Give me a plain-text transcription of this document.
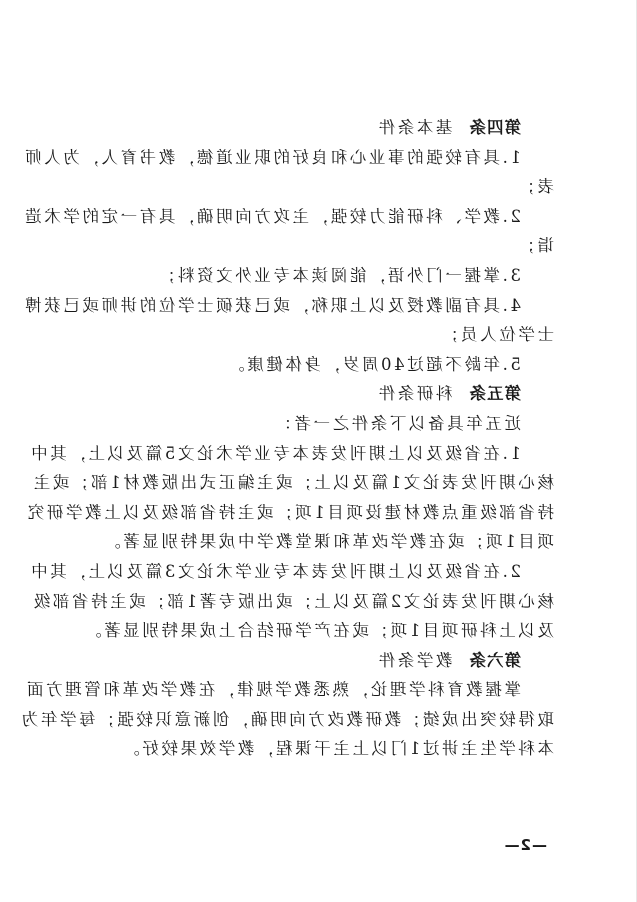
第四条基本条件
1.具有较强的事业心和良好的职业道德，教书育人，为人师
表；
2.教学、科研能力较强，主攻方向明确，具有一定的学术造
诣；
3.掌握一门外语，能阅读本专业外文资料；
4.具有副教授及以上职称，或已获硕士学位的讲师或已获博
士学位人员；
5.年龄不超过40周岁，身体健康。
第五条科研条件
近五年具备以下条件之一者：
1.在省级及以上期刊发表本专业学术论文5篇及以上，其中
核心期刊发表论文1篇及以上；或主编正式出版教材1部；或主
持省部级重点教材建设项目1项；或主持省部级及以上教学研究
项目1项；或在教学改革和课堂教学中成果特别显著。
2.在省级及以上期刊发表本专业学术论文3篇及以上，其中
核心期刊发表论文2篇及以上；或出版专著1部；或主持省部级
及以上科研项目1项；或在产学研结合上成果特别显著。
第六条教学条件
掌握教育科学理论，熟悉教学规律，在教学改革和管理方面
取得较突出成绩；教研教改方向明确，创新意识较强；每学年为
本科学生主讲过1门以上主干课程，教学效果较好。
—2—
